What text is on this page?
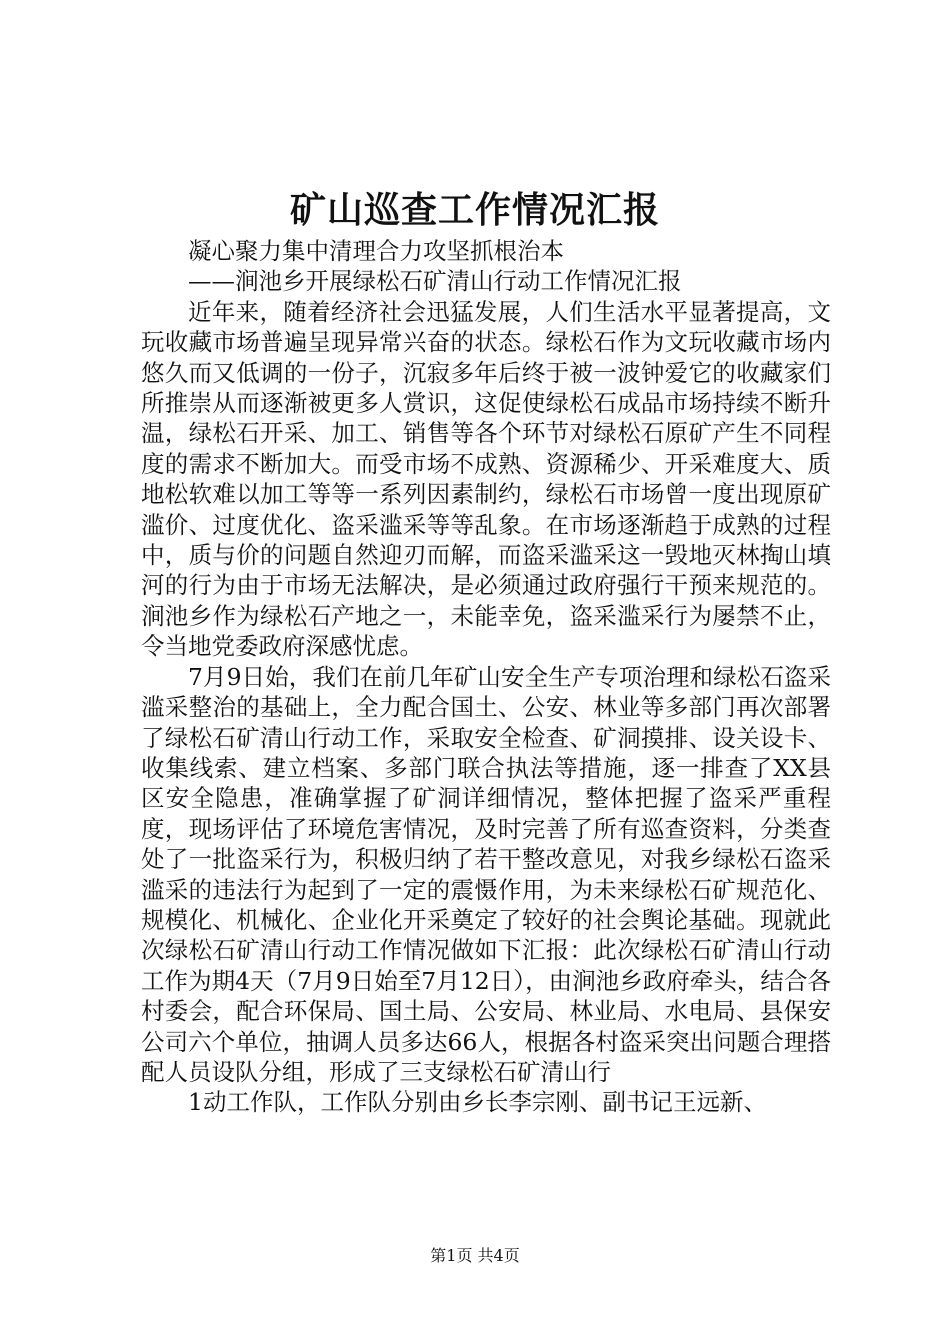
矿山巡查工作情况汇报

凝心聚力集中清理合力攻坚抓根治本

——涧池乡开展绿松石矿清山行动工作情况汇报

近年来，随着经济社会迅猛发展，人们生活水平显著提高，文玩收藏市场普遍呈现异常兴奋的状态。绿松石作为文玩收藏市场内悠久而又低调的一份子，沉寂多年后终于被一波钟爱它的收藏家们所推崇从而逐渐被更多人赏识，这促使绿松石成品市场持续不断升温，绿松石开采、加工、销售等各个环节对绿松石原矿产生不同程度的需求不断加大。而受市场不成熟、资源稀少、开采难度大、质地松软难以加工等等一系列因素制约，绿松石市场曾一度出现原矿滥价、过度优化、盗采滥采等等乱象。在市场逐渐趋于成熟的过程中，质与价的问题自然迎刃而解，而盗采滥采这一毁地灭林掏山填河的行为由于市场无法解决，是必须通过政府强行干预来规范的。涧池乡作为绿松石产地之一，未能幸免，盗采滥采行为屡禁不止，令当地党委政府深感忧虑。

7月9日始，我们在前几年矿山安全生产专项治理和绿松石盗采滥采整治的基础上，全力配合国土、公安、林业等多部门再次部署了绿松石矿清山行动工作，采取安全检查、矿洞摸排、设关设卡、收集线索、建立档案、多部门联合执法等措施，逐一排查了XX县区安全隐患，准确掌握了矿洞详细情况，整体把握了盗采严重程度，现场评估了环境危害情况，及时完善了所有巡查资料，分类查处了一批盗采行为，积极归纳了若干整改意见，对我乡绿松石盗采滥采的违法行为起到了一定的震慑作用，为未来绿松石矿规范化、规模化、机械化、企业化开采奠定了较好的社会舆论基础。现就此次绿松石矿清山行动工作情况做如下汇报：此次绿松石矿清山行动工作为期4天（7月9日始至7月12日），由涧池乡政府牵头，结合各村委会，配合环保局、国土局、公安局、林业局、水电局、县保安公司六个单位，抽调人员多达66人，根据各村盗采突出问题合理搭配人员设队分组，形成了三支绿松石矿清山行

1动工作队，工作队分别由乡长李宗刚、副书记王远新、

第1页 共4页
